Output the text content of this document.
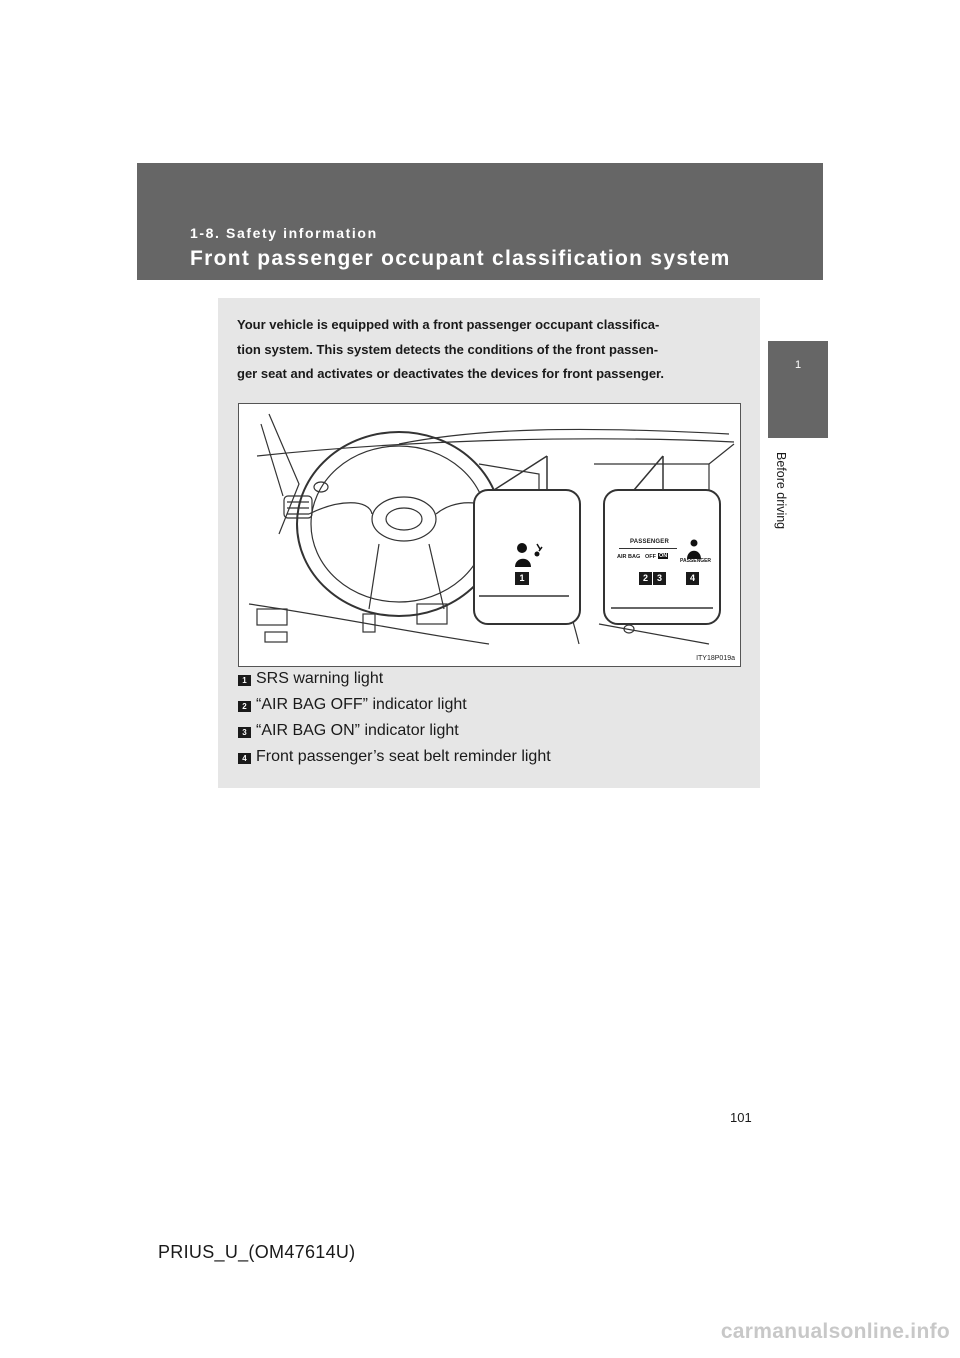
1-8. Safety information
Front passenger occupant classification system
1
Before driving

Your vehicle is equipped with a front passenger occupant classifica-

tion system. This system detects the conditions of the front passen-

ger seat and activates or deactivates the devices for front passenger.

1
PASSENGER
AIR BAG OFF ON
PASSENGER
2 3	4
ITY18P019a
1 SRS warning light
2 “AIR BAG OFF” indicator light
3 “AIR BAG ON” indicator light
4 Front passenger’s seat belt reminder light
101
PRIUS_U_(OM47614U)
carmanualsonline.info
